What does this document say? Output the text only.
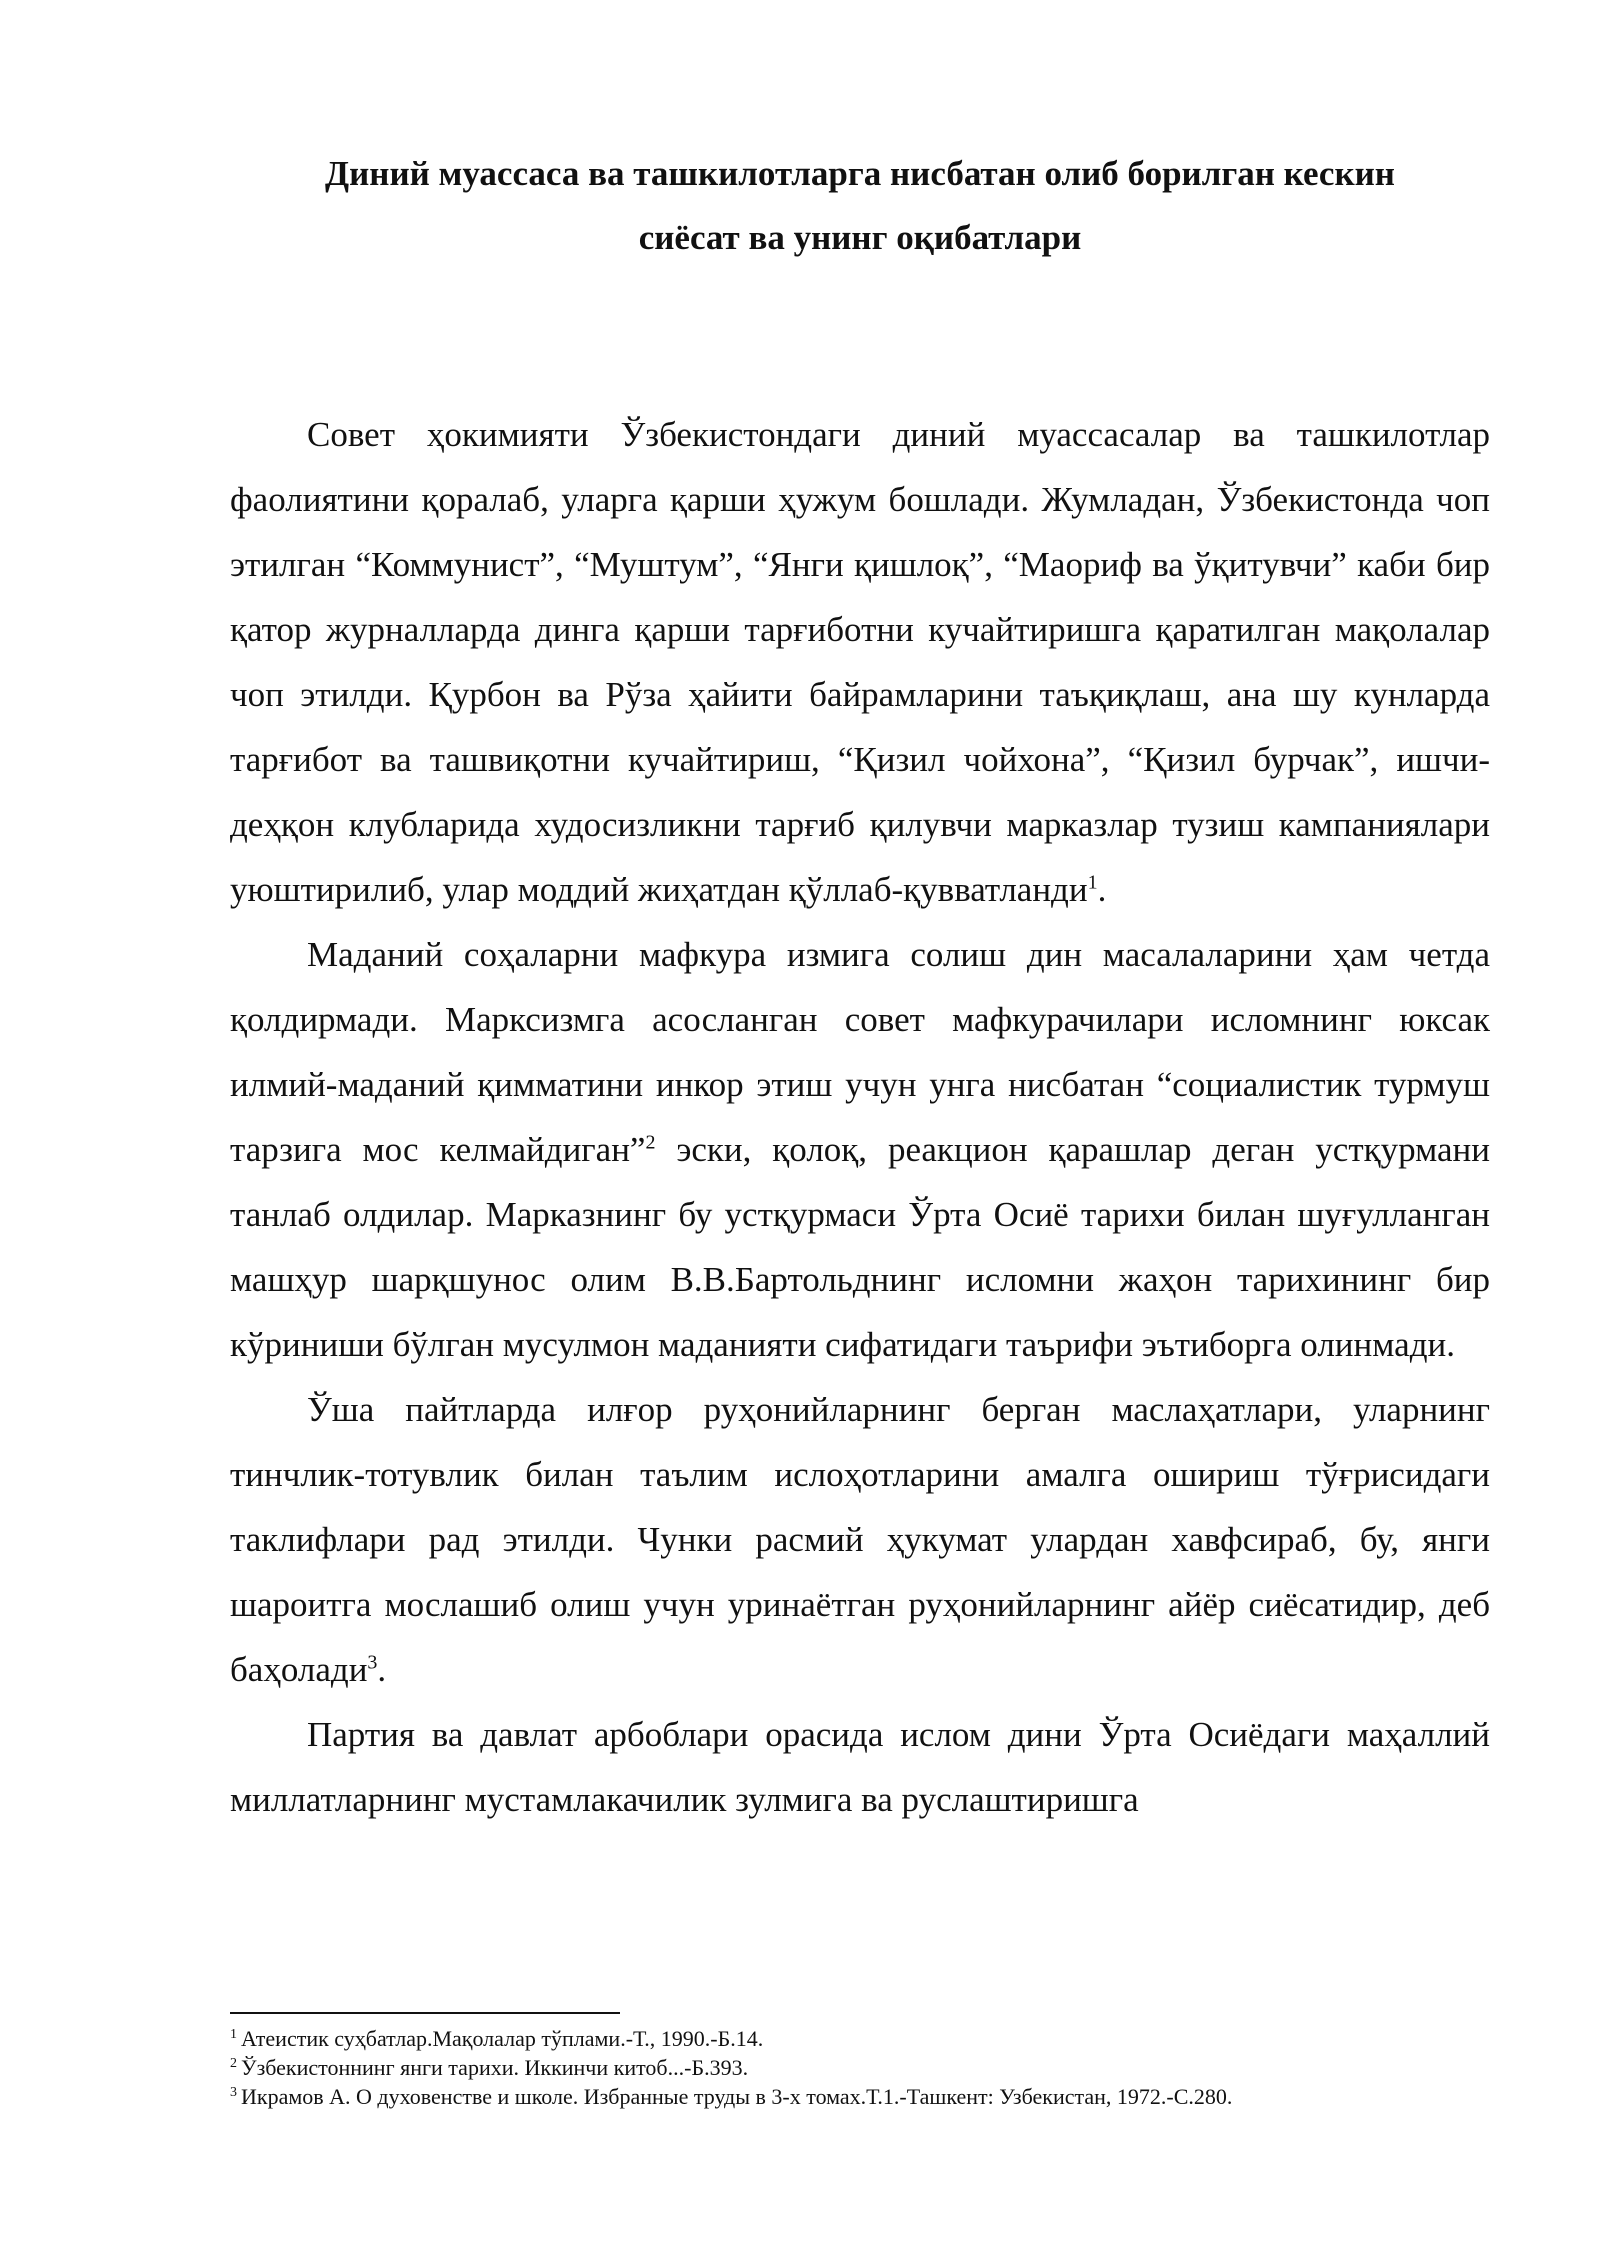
Диний муассаса ва ташкилотларга нисбатан олиб борилган кескин
сиёсат ва унинг оқибатлари

Совет ҳокимияти Ўзбекистондаги диний муассасалар ва ташкилотлар фаолиятини қоралаб, уларга қарши ҳужум бошлади. Жумладан, Ўзбекистонда чоп этилган “Коммунист”, “Муштум”, “Янги қишлоқ”, “Маориф ва ўқитувчи” каби бир қатор журналларда динга қарши тарғиботни кучайтиришга қаратилган мақолалар чоп этилди. Қурбон ва Рўза ҳайити байрамларини таъқиқлаш, ана шу кунларда тарғибот ва ташвиқотни кучайтириш, “Қизил чойхона”, “Қизил бурчак”, ишчи-деҳқон клубларида худосизликни тарғиб қилувчи марказлар тузиш кампаниялари уюштирилиб, улар моддий жиҳатдан қўллаб-қувватланди$^1$.

Маданий соҳаларни мафкура измига солиш дин масалаларини ҳам четда қолдирмади. Марксизмга асосланган совет мафкурачилари исломнинг юксак илмий-маданий қимматини инкор этиш учун унга нисбатан “социалистик турмуш тарзига мос келмайдиган”$^2$ эски, қолоқ, реакцион қарашлар деган устқурмани танлаб олдилар. Марказнинг бу устқурмаси Ўрта Осиё тарихи билан шуғулланган машҳур шарқшунос олим В.В.Бартольднинг исломни жаҳон тарихининг бир кўриниши бўлган мусулмон маданияти сифатидаги таърифи эътиборга олинмади.

Ўша пайтларда илғор руҳонийларнинг берган маслаҳатлари, уларнинг тинчлик-тотувлик билан таълим ислоҳотларини амалга ошириш тўғрисидаги таклифлари рад этилди. Чунки расмий ҳукумат улардан хавфсираб, бу, янги шароитга мослашиб олиш учун уринаётган руҳонийларнинг айёр сиёсатидир, деб баҳолади$^3$.

Партия ва давлат арбоблари орасида ислом дини Ўрта Осиёдаги маҳаллий миллатларнинг мустамлакачилик зулмига ва руслаштиришга

$^1$ Атеистик суҳбатлар.Мақолалар тўплами.-Т., 1990.-Б.14.

$^2$ Ўзбекистоннинг янги тарихи. Иккинчи китоб...-Б.393.

$^3$ Икрамов А. О духовенстве и школе. Избранные труды в 3-х томах.Т.1.-Ташкент: Узбекистан, 1972.-С.280.
